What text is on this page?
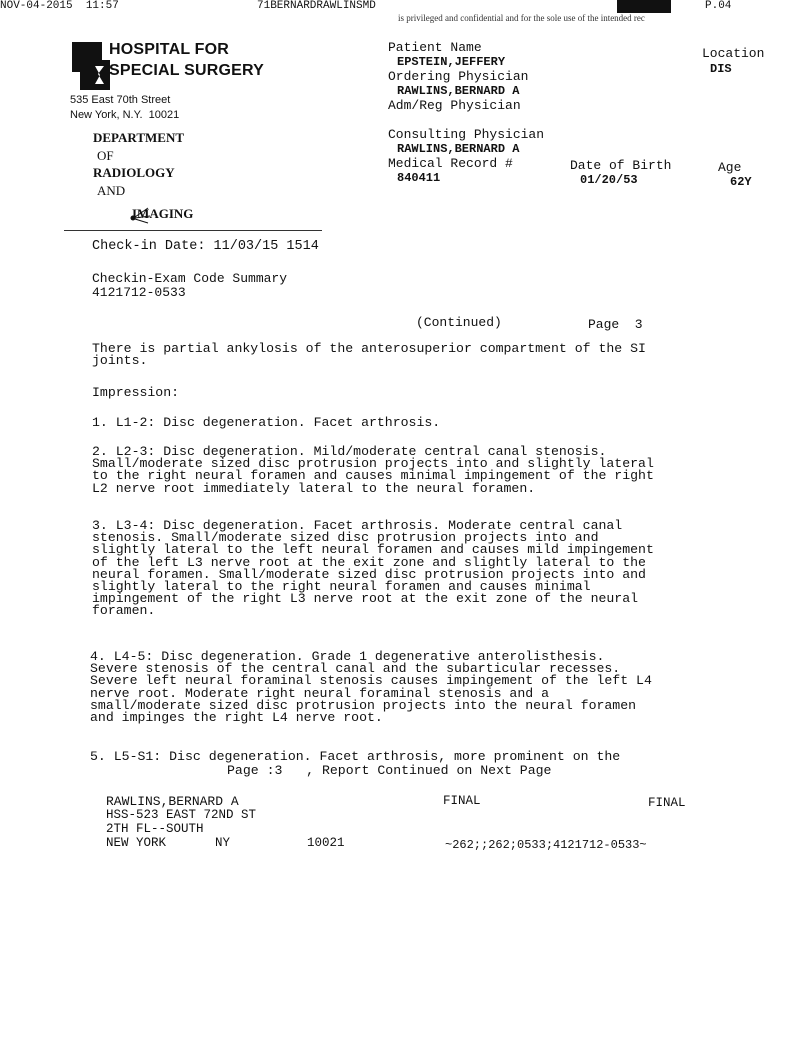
NOV-04-2015  11:57	71BERNARDRAWLINSMD
is privileged and confidential and for the sole use of the intended rec
P.04

HOSPITAL FOR
SPECIAL SURGERY
535 East 70th Street
New York, N.Y.  10021
DEPARTMENT
OF
RADIOLOGY
AND

IMAGING
Patient Name
EPSTEIN,JEFFERY
Ordering Physician
RAWLINS,BERNARD A
Adm/Reg Physician
Consulting Physician
RAWLINS,BERNARD A
Medical Record #
840411
Date of Birth
01/20/53
Age
62Y
Location
DIS
Check-in Date: 11/03/15 1514
Checkin-Exam Code Summary
4121712-0533
(Continued)	Page  3
There is partial ankylosis of the anterosuperior compartment of the SI
joints.
Impression:
1. L1-2: Disc degeneration. Facet arthrosis.
2. L2-3: Disc degeneration. Mild/moderate central canal stenosis.
Small/moderate sized disc protrusion projects into and slightly lateral
to the right neural foramen and causes minimal impingement of the right
L2 nerve root immediately lateral to the neural foramen.
3. L3-4: Disc degeneration. Facet arthrosis. Moderate central canal
stenosis. Small/moderate sized disc protrusion projects into and
slightly lateral to the left neural foramen and causes mild impingement
of the left L3 nerve root at the exit zone and slightly lateral to the
neural foramen. Small/moderate sized disc protrusion projects into and
slightly lateral to the right neural foramen and causes minimal
impingement of the right L3 nerve root at the exit zone of the neural
foramen.
4. L4-5: Disc degeneration. Grade 1 degenerative anterolisthesis.
Severe stenosis of the central canal and the subarticular recesses.
Severe left neural foraminal stenosis causes impingement of the left L4
nerve root. Moderate right neural foraminal stenosis and a
small/moderate sized disc protrusion projects into the neural foramen
and impinges the right L4 nerve root.
5. L5-S1: Disc degeneration. Facet arthrosis, more prominent on the
Page :3   , Report Continued on Next Page
RAWLINS,BERNARD A
HSS-523 EAST 72ND ST
2TH FL--SOUTH
NEW YORK	NY	10021
FINAL	FINAL
~262;;262;0533;4121712-0533~
